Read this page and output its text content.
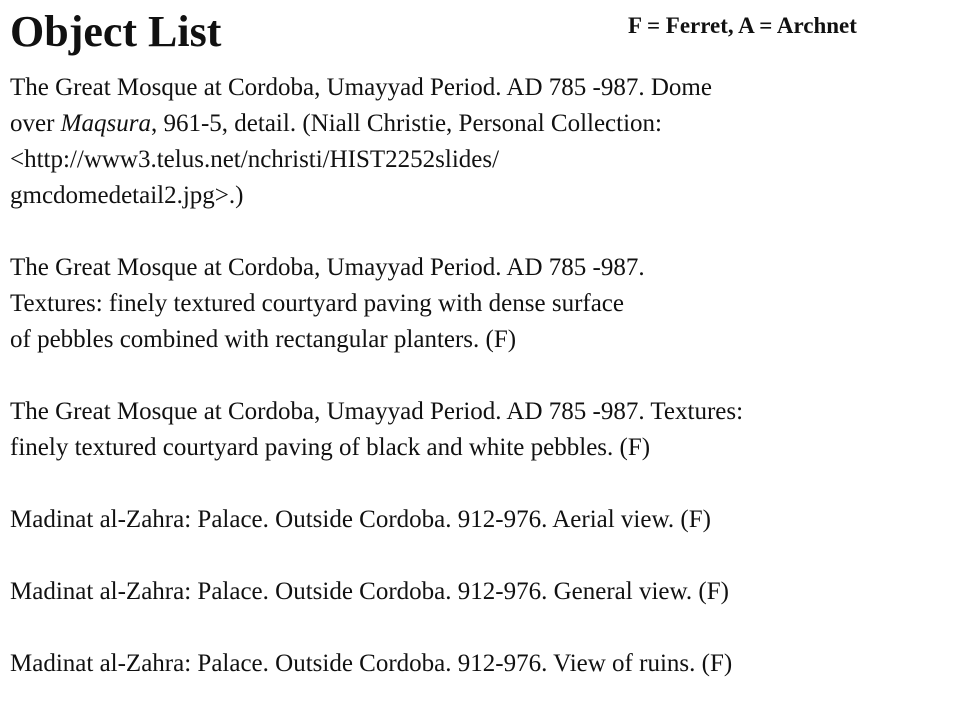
Object List	F = Ferret, A = Archnet

The Great Mosque at Cordoba, Umayyad Period. AD 785 -987. Dome
over Maqsura, 961-5, detail. (Niall Christie, Personal Collection:
<http://www3.telus.net/nchristi/HIST2252slides/
gmcdomedetail2.jpg>.)

The Great Mosque at Cordoba, Umayyad Period. AD 785 -987.
Textures: finely textured courtyard paving with dense surface
of pebbles combined with rectangular planters. (F)

The Great Mosque at Cordoba, Umayyad Period. AD 785 -987. Textures:
finely textured courtyard paving of black and white pebbles. (F)

Madinat al-Zahra: Palace. Outside Cordoba. 912-976. Aerial view. (F)

Madinat al-Zahra: Palace. Outside Cordoba. 912-976. General view. (F)

Madinat al-Zahra: Palace. Outside Cordoba. 912-976. View of ruins. (F)
